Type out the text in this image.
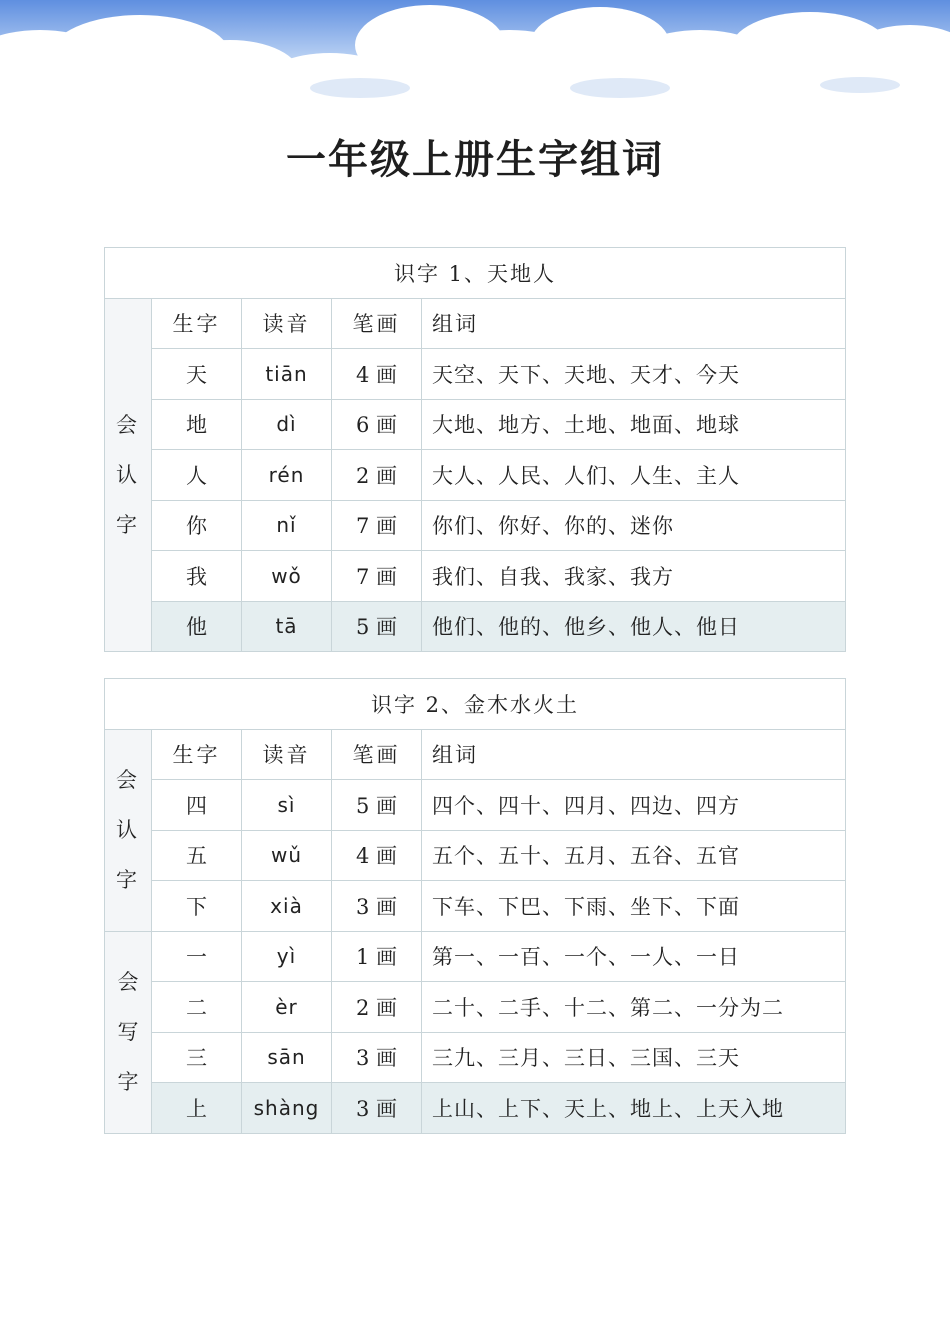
一年级上册生字组词
识字 1、天地人				

会
认
字	生字	读音	笔画	组词
	天	tiān	4 画	天空、天下、天地、天才、今天
	地	dì	6 画	大地、地方、土地、地面、地球
	人	rén	2 画	大人、人民、人们、人生、主人
	你	nǐ	7 画	你们、你好、你的、迷你
	我	wǒ	7 画	我们、自我、我家、我方
	他	tā	5 画	他们、他的、他乡、他人、他日
识字 2、金木水火土				

会
认
字	生字	读音	笔画	组词
	四	sì	5 画	四个、四十、四月、四边、四方
	五	wǔ	4 画	五个、五十、五月、五谷、五官
	下	xià	3 画	下车、下巴、下雨、坐下、下面

会
写
字	一	yì	1 画	第一、一百、一个、一人、一日
	二	èr	2 画	二十、二手、十二、第二、一分为二
	三	sān	3 画	三九、三月、三日、三国、三天
	上	shàng	3 画	上山、上下、天上、地上、上天入地
